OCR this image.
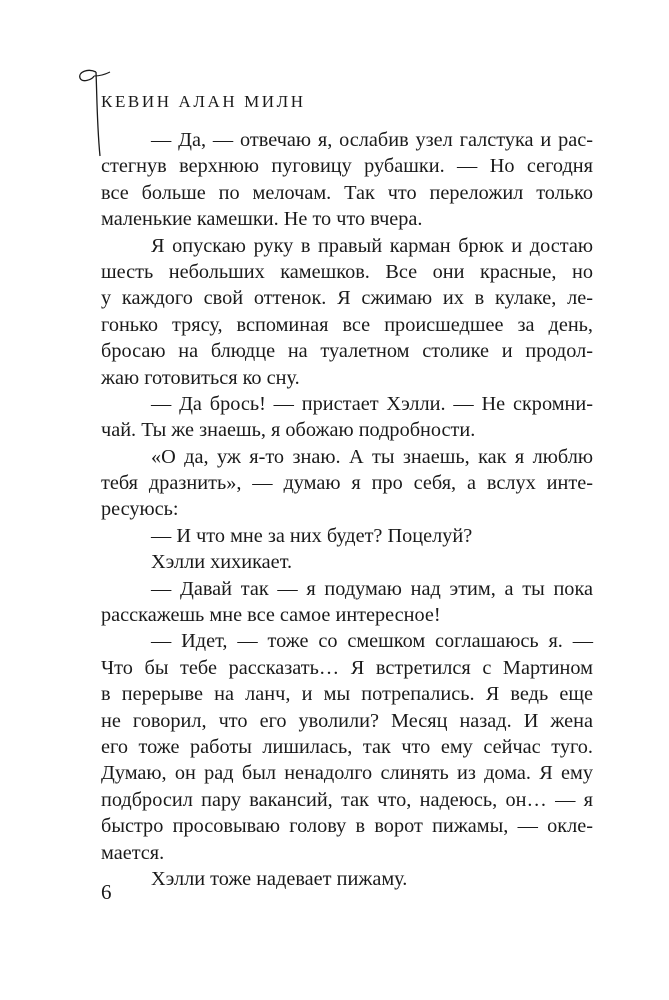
КЕВИН АЛАН МИЛН
— Да, — отвечаю я, ослабив узел галстука и рас-
стегнув верхнюю пуговицу рубашки. — Но сегодня
все больше по мелочам. Так что переложил только
маленькие камешки. Не то что вчера.
Я опускаю руку в правый карман брюк и достаю
шесть небольших камешков. Все они красные, но
у каждого свой оттенок. Я сжимаю их в кулаке, ле-
гонько трясу, вспоминая все происшедшее за день,
бросаю на блюдце на туалетном столике и продол-
жаю готовиться ко сну.
— Да брось! — пристает Хэлли. — Не скромни-
чай. Ты же знаешь, я обожаю подробности.
«О да, уж я-то знаю. А ты знаешь, как я люблю
тебя дразнить», — думаю я про себя, а вслух инте-
ресуюсь:
— И что мне за них будет? Поцелуй?
Хэлли хихикает.
— Давай так — я подумаю над этим, а ты пока
расскажешь мне все самое интересное!
— Идет, — тоже со смешком соглашаюсь я. —
Что бы тебе рассказать… Я встретился с Мартином
в перерыве на ланч, и мы потрепались. Я ведь еще
не говорил, что его уволили? Месяц назад. И жена
его тоже работы лишилась, так что ему сейчас туго.
Думаю, он рад был ненадолго слинять из дома. Я ему
подбросил пару вакансий, так что, надеюсь, он… — я
быстро просовываю голову в ворот пижамы, — окле-
мается.
Хэлли тоже надевает пижаму.
6
